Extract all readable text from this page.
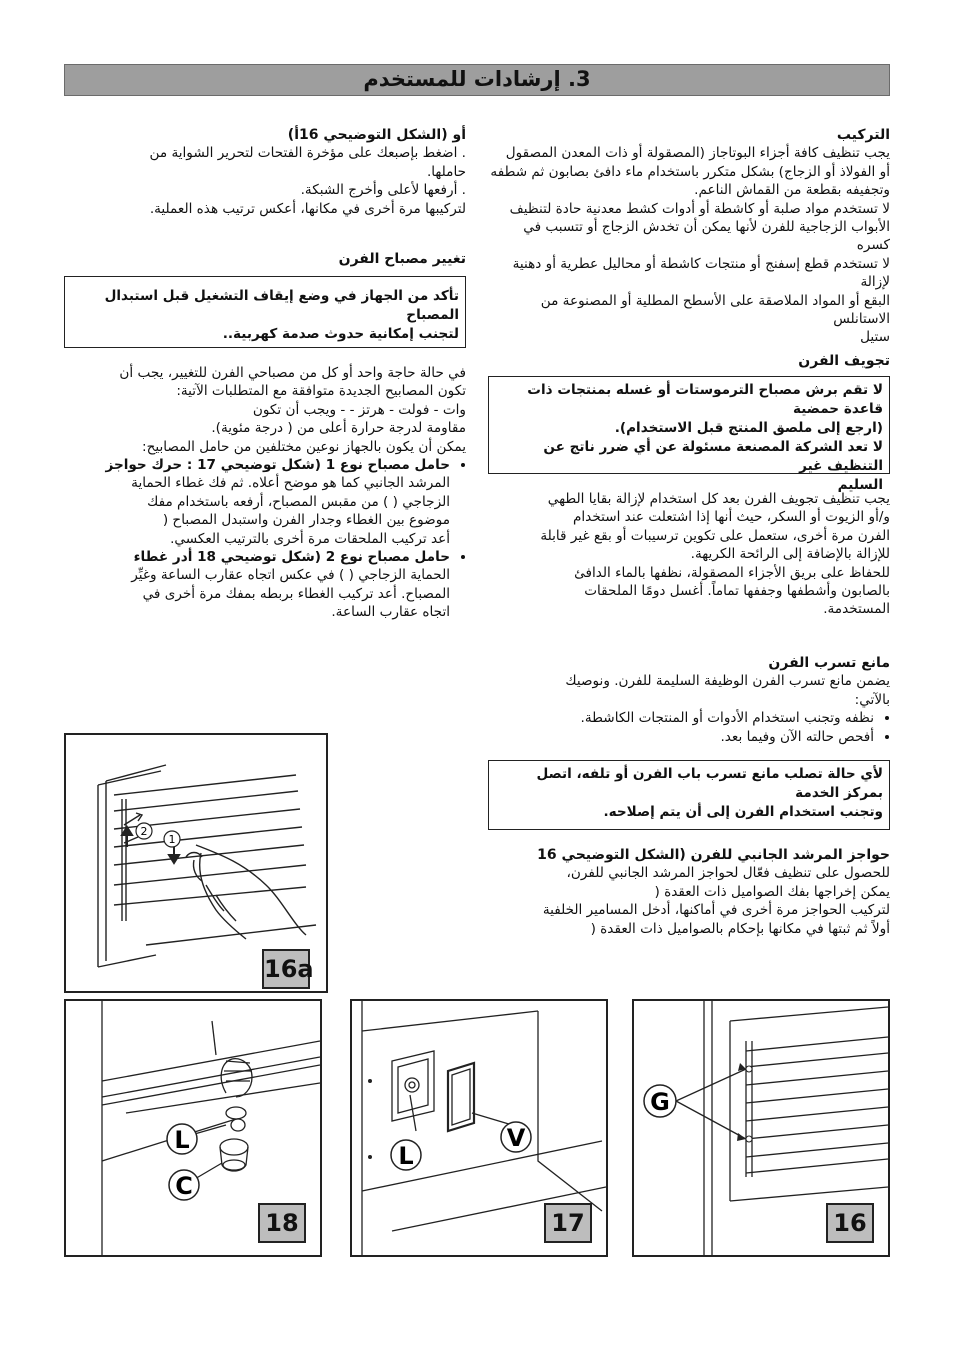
3. إرشادات للمستخدم

التركيب

يجب تنظيف كافة أجزاء البوتاجاز (المصقولة أو ذات المعدن المصقول

أو الفولاذ أو الزجاج) بشكل متكرر باستخدام ماء دافئ بصابون ثم شطفه

وتجفيفه بقطعة من القماش الناعم.

لا تستخدم مواد صلبة أو كاشطة أو أدوات كشط معدنية حادة لتنظيف

الأبواب الزجاجية للفرن لأنها يمكن أن تخدش الزجاج أو تتسبب في

كسره

لا تستخدم قطع إسفنج أو منتجات كاشطة أو محاليل عطرية أو دهنية لإزالة

البقع أو المواد الملاصقة على الأسطح المطلية أو المصنوعة من الاستانلس

ستيل

تجويف الفرن

لا تقم برش مصباح الترموستات أو غسله بمنتجات ذات قاعدة حمضية

(ارجع إلى ملصق المنتج قبل الاستخدام).

لا تعد الشركة المصنعة مسئولة عن أي ضرر ناتج عن التنظيف غير

السليم

يجب تنظيف تجويف الفرن بعد كل استخدام لإزالة بقايا الطهي

و/أو الزيوت أو السكر، حيث أنها إذا اشتعلت عند استخدام

الفرن مرة أخرى، ستعمل على تكوين ترسيبات أو بقع غير قابلة

للإزالة بالإضافة إلى الرائحة الكريهة.

للحفاظ على بريق الأجزاء المصقولة، نظفها بالماء الدافئ

بالصابون وأشطفها وجففها تماماً. أغسل دومًا الملحقات

المستخدمة.

مانع تسرب الفرن

يضمن مانع تسرب الفرن الوظيفة السليمة للفرن. ونوصيك

بالآتي:

• نظفه وتجنب استخدام الأدوات أو المنتجات الكاشطة.
• أفحص حالته الآن وفيما بعد.

لأي حالة تصلب مانع تسرب باب الفرن أو تلفه، اتصل بمركز الخدمة

وتجنب استخدام الفرن إلى أن يتم إصلاحه.

حواجز المرشد الجانبي للفرن (الشكل التوضيحي 16

للحصول على تنظيف فعّال لحواجز المرشد الجانبي للفرن،

يمكن إخراجها بفك الصواميل ذات العقدة (

لتركيب الحواجز مرة أخرى في أماكنها، أدخل المسامير الخلفية

أولاً ثم ثبتها في مكانها بإحكام بالصواميل ذات العقدة (

أو (الشكل التوضيحي 16أ)

. اضغط بإصبعك على مؤخرة الفتحات لتحرير الشواية من

حاملها.

. أرفعها لأعلى وأخرج الشبكة.

لتركيبها مرة أخرى في مكانها، أعكس ترتيب هذه العملية.

تغيير مصباح الفرن

تأكد من الجهاز في وضع إيقاف التشغيل قبل استبدال المصباح

لتجنب إمكانية حدوث صدمة كهربية..

في حالة حاجة واحد أو كل من مصباحي الفرن للتغيير، يجب أن

تكون المصابيح الجديدة متوافقة مع المتطلبات الآتية:

وات - فولت - هرتز - - ويجب أن تكون

مقاومة لدرجة حرارة أعلى من ( درجة مئوية).

يمكن أن يكون بالجهاز نوعين مختلفين من حامل المصابيح:

• حامل مصباح نوع 1 (شكل توضيحي 17 : حرك حواجز
المرشد الجانبي كما هو موضح أعلاه. ثم فك غطاء الحماية
الزجاجي ( ) من مقبس المصباح، أرفعه باستخدام مفك
موضوع بين الغطاء وجدار الفرن واستبدل المصباح (
أعد تركيب الملحقات مرة أخرى بالترتيب العكسي.
• حامل مصباح نوع 2 (شكل توضيحي 18 أدر غطاء
الحماية الزجاجي ( ) في عكس اتجاه عقارب الساعة وغيِّر
المصباح. أعد تركيب الغطاء بربطه بمفك مرة أخرى في
اتجاه عقارب الساعة.
2
1
16a
L
C
18
L
V
17
G
16
